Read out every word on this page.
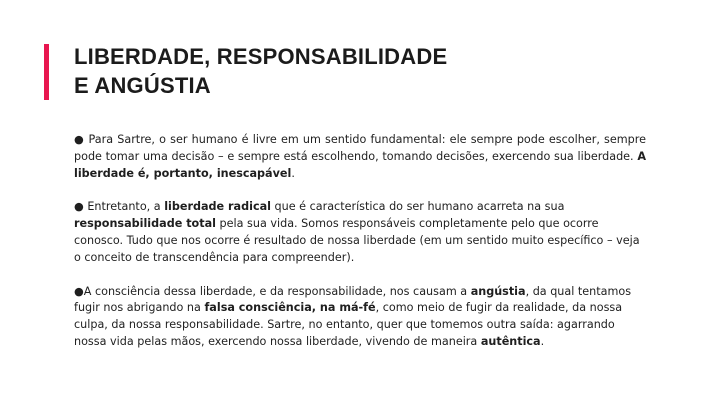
LIBERDADE, RESPONSABILIDADE
E ANGÚSTIA

● Para Sartre, o ser humano é livre em um sentido fundamental: ele sempre pode escolher, sempre pode tomar uma decisão – e sempre está escolhendo, tomando decisões, exercendo sua liberdade. A liberdade é, portanto, inescapável.

● Entretanto, a liberdade radical que é característica do ser humano acarreta na sua responsabilidade total pela sua vida. Somos responsáveis completamente pelo que ocorre conosco. Tudo que nos ocorre é resultado de nossa liberdade (em um sentido muito específico – veja o conceito de transcendência para compreender).

●A consciência dessa liberdade, e da responsabilidade, nos causam a angústia, da qual tentamos fugir nos abrigando na falsa consciência, na má-fé, como meio de fugir da realidade, da nossa culpa, da nossa responsabilidade. Sartre, no entanto, quer que tomemos outra saída: agarrando nossa vida pelas mãos, exercendo nossa liberdade, vivendo de maneira autêntica.
